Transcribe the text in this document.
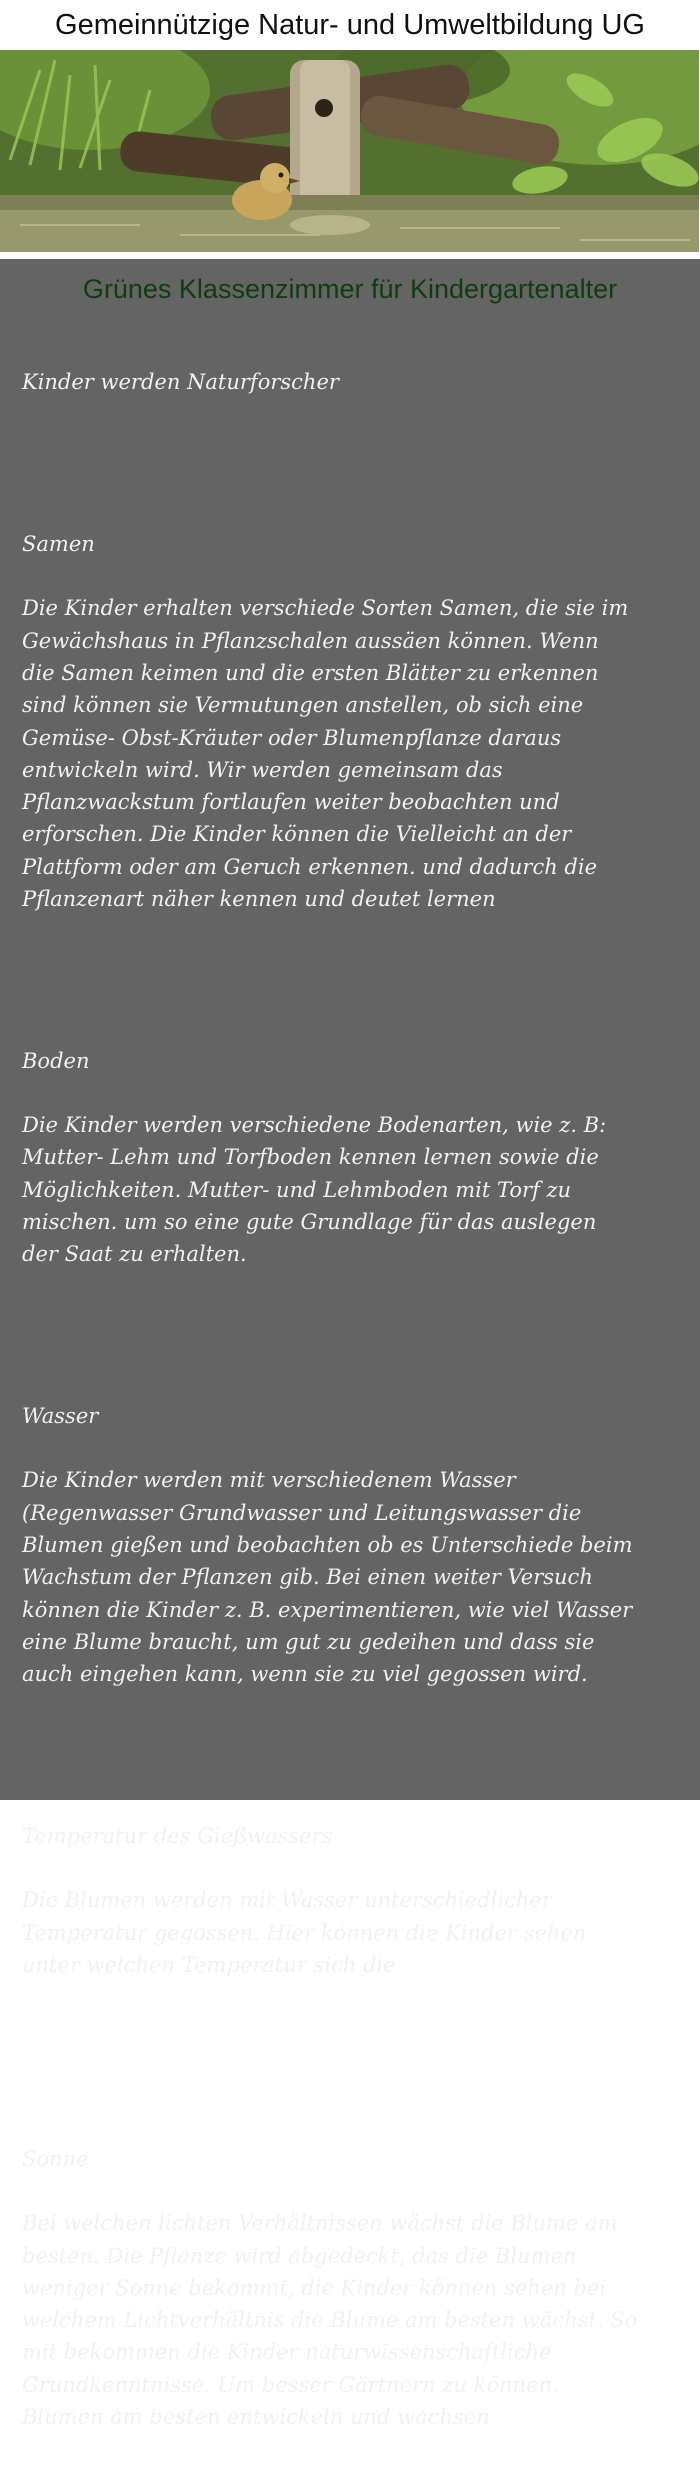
Gemeinnützige Natur- und Umweltbildung UG
Grünes Klassenzimmer für Kindergartenalter

Kinder werden Naturforscher

Samen

Die Kinder erhalten verschiede Sorten Samen, die sie im
Gewächshaus in Pflanzschalen aussäen können. Wenn
die Samen keimen und die ersten Blätter zu erkennen
sind können sie Vermutungen anstellen, ob sich eine
Gemüse- Obst-Kräuter oder Blumenpflanze daraus
entwickeln wird. Wir werden gemeinsam das
Pflanzwackstum fortlaufen weiter beobachten und
erforschen. Die Kinder können die Vielleicht an der
Plattform oder am Geruch erkennen. und dadurch die
Pflanzenart näher kennen und deutet lernen

Boden

Die Kinder werden verschiedene Bodenarten, wie z. B:
Mutter- Lehm und Torfboden kennen lernen sowie die
Möglichkeiten. Mutter- und Lehmboden mit Torf zu
mischen. um so eine gute Grundlage für das auslegen
der Saat zu erhalten.

Wasser

Die Kinder werden mit verschiedenem Wasser
(Regenwasser Grundwasser und Leitungswasser die
Blumen gießen und beobachten ob es Unterschiede beim
Wachstum der Pflanzen gib. Bei einen weiter Versuch
können die Kinder z. B. experimentieren, wie viel Wasser
eine Blume braucht, um gut zu gedeihen und dass sie
auch eingehen kann, wenn sie zu viel gegossen wird.

Temperatur des Gießwassers

Die Blumen werden mit Wasser unterschiedlicher
Temperatur gegossen. Hier können die Kinder sehen
unter welchen Temperatur sich die

Sonne

Bei welchen lichten Verhältnissen wächst die Blume am
besten. Die Pflanze wird abgedeckt, das die Blumen
weniger Sonne bekommt, die Kinder können sehen bei
welchem Lichtverhältnis die Blume am besten wächst. So
mit bekommen die Kinder naturwissenschaftliche
Grundkenntnisse. Um besser Gärtnern zu können.
Blumen am besten entwickeln und wachsen
